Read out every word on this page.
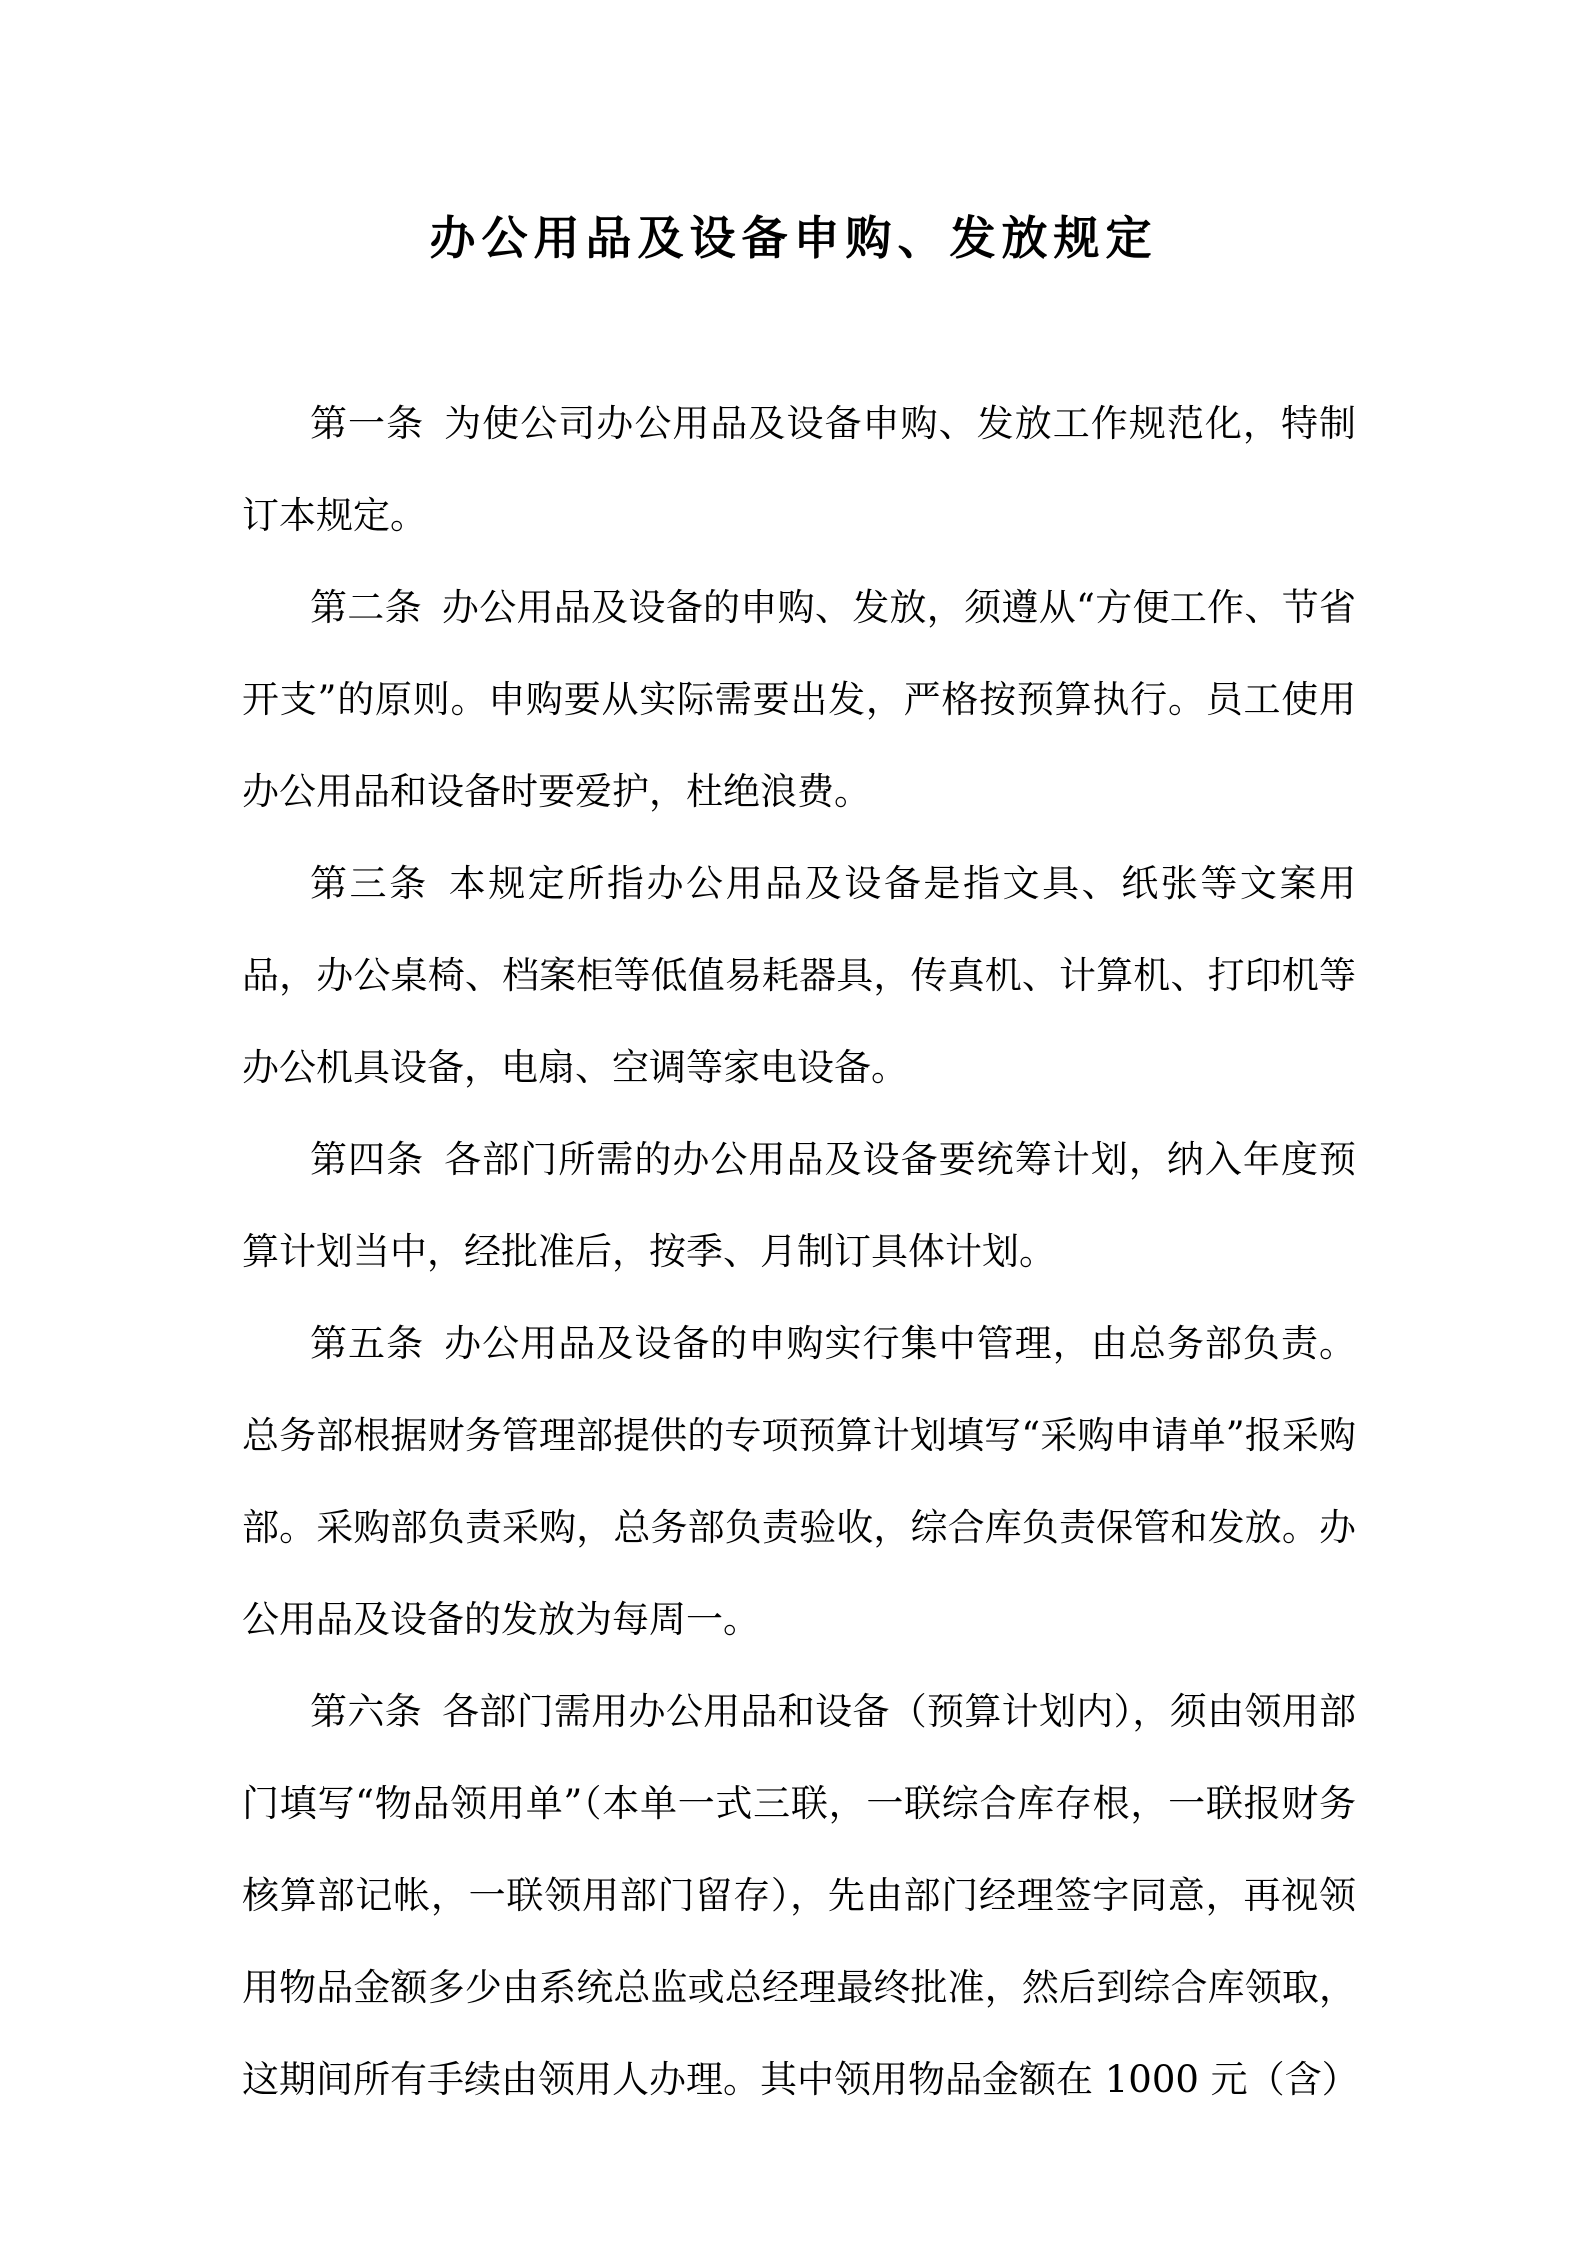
办公用品及设备申购、发放规定

第一条 为使公司办公用品及设备申购、发放工作规范化，特制订本规定。

第二条 办公用品及设备的申购、发放，须遵从“方便工作、节省开支”的原则。申购要从实际需要出发，严格按预算执行。员工使用办公用品和设备时要爱护，杜绝浪费。

第三条 本规定所指办公用品及设备是指文具、纸张等文案用品，办公桌椅、档案柜等低值易耗器具，传真机、计算机、打印机等办公机具设备，电扇、空调等家电设备。

第四条 各部门所需的办公用品及设备要统筹计划，纳入年度预算计划当中，经批准后，按季、月制订具体计划。

第五条 办公用品及设备的申购实行集中管理，由总务部负责。总务部根据财务管理部提供的专项预算计划填写“采购申请单”报采购部。采购部负责采购，总务部负责验收，综合库负责保管和发放。办公用品及设备的发放为每周一。

第六条 各部门需用办公用品和设备（预算计划内），须由领用部门填写“物品领用单”（本单一式三联，一联综合库存根，一联报财务核算部记帐，一联领用部门留存），先由部门经理签字同意，再视领用物品金额多少由系统总监或总经理最终批准，然后到综合库领取，这期间所有手续由领用人办理。其中领用物品金额在 1000 元（含）
